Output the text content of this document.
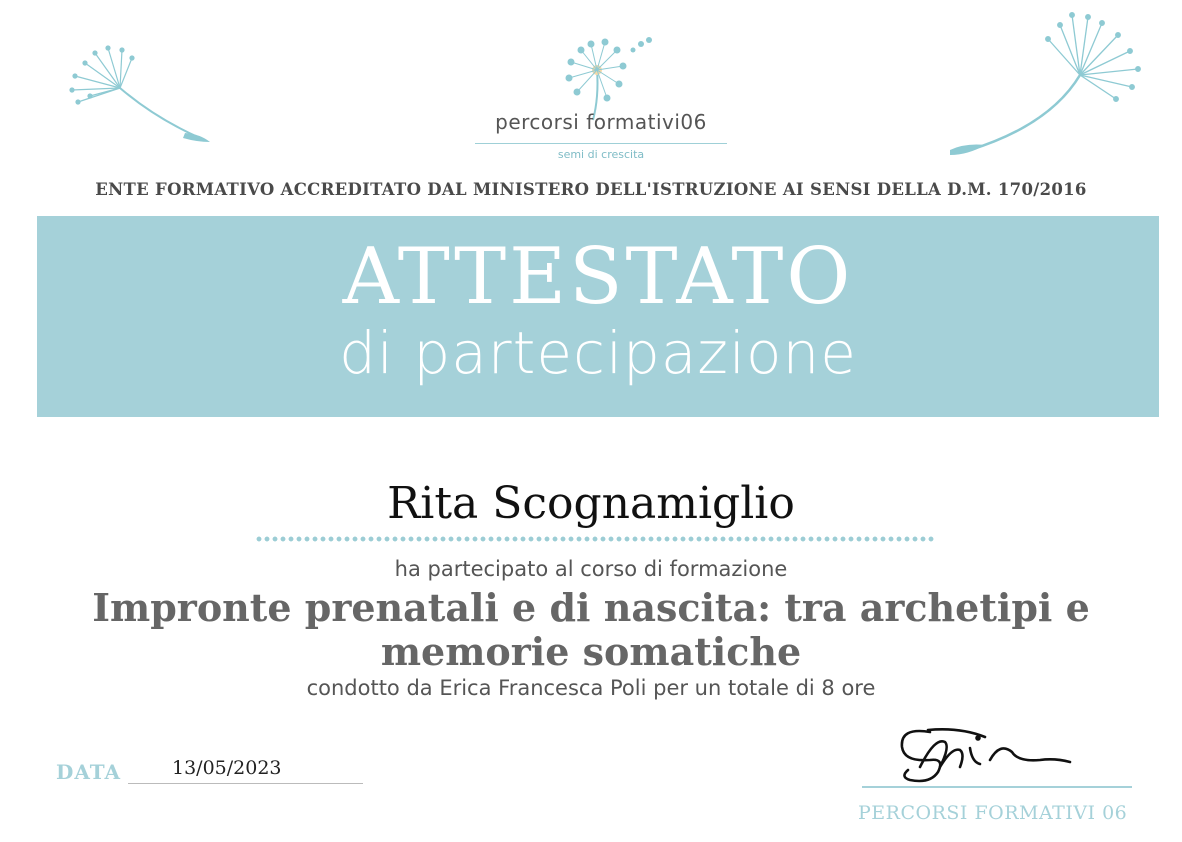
percorsi formativi06
semi di crescita
ENTE FORMATIVO ACCREDITATO DAL MINISTERO DELL'ISTRUZIONE AI SENSI DELLA D.M. 170/2016
ATTESTATO
di partecipazione
Rita Scognamiglio
ha partecipato al corso di formazione
Impronte prenatali e di nascita: tra archetipi e memorie somatiche
condotto da Erica Francesca Poli per un totale di 8 ore
DATA	13/05/2023
PERCORSI FORMATIVI 06
